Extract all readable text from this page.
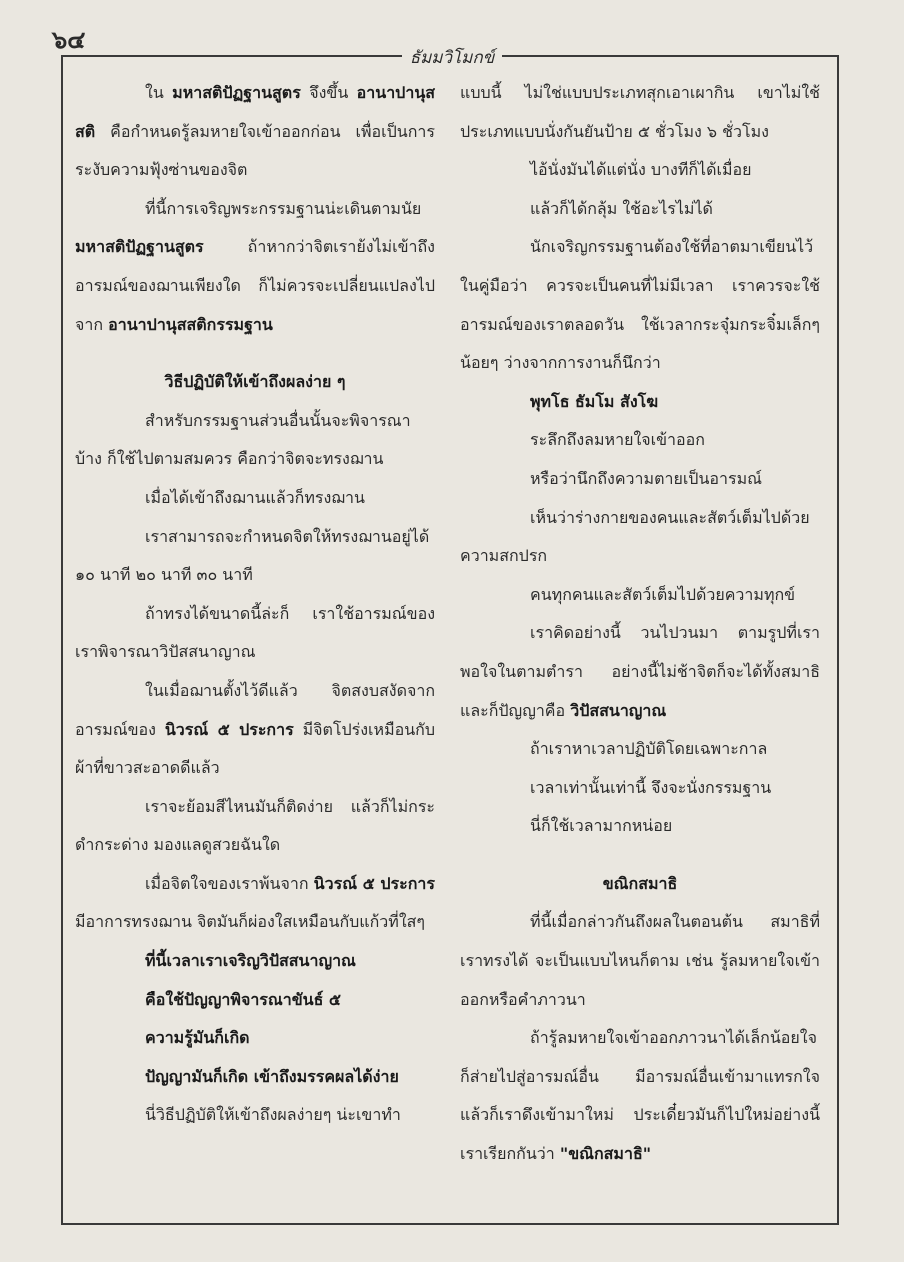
๖๔
ธัมมวิโมกข์

ใน มหาสติปัฏฐานสูตร จึงขึ้น อานาปานุสสติ คือกำหนดรู้ลมหายใจเข้าออกก่อน เพื่อเป็นการระงับความฟุ้งซ่านของจิต

ที่นี้การเจริญพระกรรมฐานน่ะเดินตามนัย มหาสติปัฏฐานสูตร ถ้าหากว่าจิตเราย้งไม่เข้าถึงอารมณ์ของฌานเพียงใด ก็ไม่ควรจะเปลี่ยนแปลงไปจาก อานาปานุสสติกรรมฐาน

วิธีปฏิบัติให้เข้าถึงผลง่าย ๆ

สำหรับกรรมฐานส่วนอื่นนั้นจะพิจารณาบ้าง ก็ใช้ไปตามสมควร คือกว่าจิตจะทรงฌาน

เมื่อได้เข้าถึงฌานแล้วก็ทรงฌาน

เราสามารถจะกำหนดจิตให้ทรงฌานอยู่ได้ ๑๐ นาที ๒๐ นาที ๓๐ นาที

ถ้าทรงได้ขนาดนี้ล่ะก็ เราใช้อารมณ์ของเราพิจารณาวิปัสสนาญาณ

ในเมื่อฌานตั้งไว้ดีแล้ว จิตสงบสงัดจากอารมณ์ของ นิวรณ์ ๕ ประการ มีจิตโปร่งเหมือนกับผ้าที่ขาวสะอาดดีแล้ว

เราจะย้อมสีไหนมันก็ติดง่าย แล้วก็ไม่กระดำกระด่าง มองแลดูสวยฉันใด

เมื่อจิตใจของเราพ้นจาก นิวรณ์ ๕ ประการ มีอาการทรงฌาน จิตมันก็ผ่องใสเหมือนกับแก้วที่ใสๆ

ที่นี้เวลาเราเจริญวิปัสสนาญาณ

คือใช้ปัญญาพิจารณาขันธ์ ๕

ความรู้มันก็เกิด

ปัญญามันก็เกิด เข้าถึงมรรคผลได้ง่าย

นี่วิธีปฏิบัติให้เข้าถึงผลง่ายๆ น่ะเขาทำ

แบบนี้ ไม่ใช่แบบประเภทสุกเอาเผากิน เขาไม่ใช้ประเภทแบบนั่งกันยันป้าย ๕ ชั่วโมง ๖ ชั่วโมง

ไอ้นั่งมันได้แต่นั่ง บางทีก็ได้เมื่อย

แล้วก็ได้กลุ้ม ใช้อะไรไม่ได้

นักเจริญกรรมฐานต้องใช้ที่อาตมาเขียนไว้ในคู่มือว่า ควรจะเป็นคนที่ไม่มีเวลา เราควรจะใช้อารมณ์ของเราตลอดวัน ใช้เวลากระจุ๋มกระจิ๋มเล็กๆ น้อยๆ ว่างจากการงานก็นึกว่า

พุทโธ ธัมโม สังโฆ

ระลึกถึงลมหายใจเข้าออก

หรือว่านึกถึงความตายเป็นอารมณ์

เห็นว่าร่างกายของคนและสัตว์เต็มไปด้วยความสกปรก

คนทุกคนและสัตว์เต็มไปด้วยความทุกข์

เราคิดอย่างนี้ วนไปวนมา ตามรูปที่เราพอใจในตามตำรา อย่างนี้ไม่ช้าจิตก็จะได้ทั้งสมาธิและก็ปัญญาคือ วิปัสสนาญาณ

ถ้าเราหาเวลาปฏิบัติโดยเฉพาะกาล

เวลาเท่านั้นเท่านี้ จึงจะนั่งกรรมฐาน

นี่ก็ใช้เวลามากหน่อย

ขณิกสมาธิ

ที่นี้เมื่อกล่าวกันถึงผลในตอนต้น สมาธิที่เราทรงได้ จะเป็นแบบไหนก็ตาม เช่น รู้ลมหายใจเข้าออกหรือคำภาวนา

ถ้ารู้ลมหายใจเข้าออกภาวนาได้เล็กน้อยใจก็ส่ายไปสู่อารมณ์อื่น มีอารมณ์อื่นเข้ามาแทรกใจ แล้วก็เราดึงเข้ามาใหม่ ประเดี๋ยวมันก็ไปใหม่อย่างนี้เราเรียกกันว่า "ขณิกสมาธิ"
